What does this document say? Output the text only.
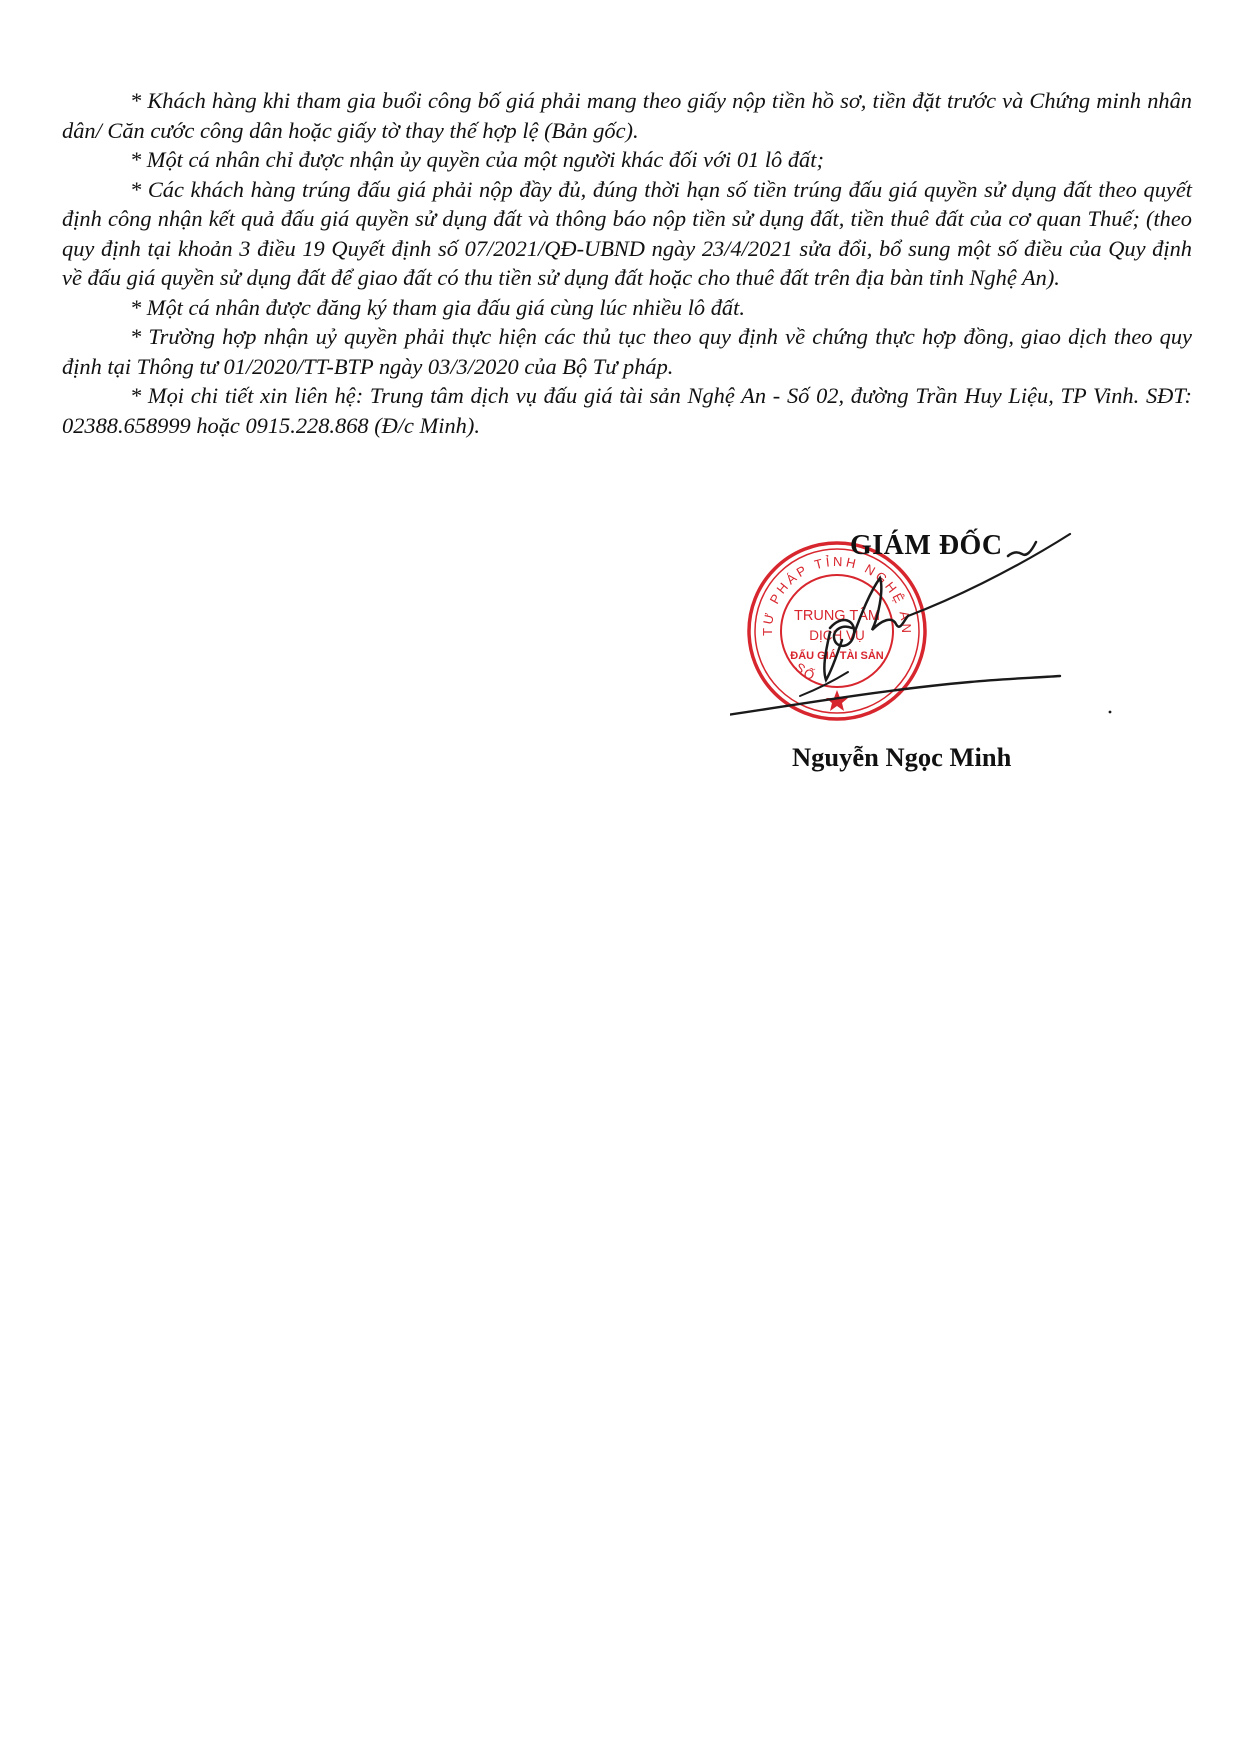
* Khách hàng khi tham gia buổi công bố giá phải mang theo giấy nộp tiền hồ sơ, tiền đặt trước và Chứng minh nhân dân/ Căn cước công dân hoặc giấy tờ thay thế hợp lệ (Bản gốc).

* Một cá nhân chỉ được nhận ủy quyền của một người khác đối với 01 lô đất;

* Các khách hàng trúng đấu giá phải nộp đầy đủ, đúng thời hạn số tiền trúng đấu giá quyền sử dụng đất theo quyết định công nhận kết quả đấu giá quyền sử dụng đất và thông báo nộp tiền sử dụng đất, tiền thuê đất của cơ quan Thuế; (theo quy định tại khoản 3 điều 19 Quyết định số 07/2021/QĐ-UBND ngày 23/4/2021 sửa đổi, bổ sung một số điều của Quy định về đấu giá quyền sử dụng đất để giao đất có thu tiền sử dụng đất hoặc cho thuê đất trên địa bàn tỉnh Nghệ An).

* Một cá nhân được đăng ký tham gia đấu giá cùng lúc nhiều lô đất.

* Trường hợp nhận uỷ quyền phải thực hiện các thủ tục theo quy định về chứng thực hợp đồng, giao dịch theo quy định tại Thông tư 01/2020/TT-BTP ngày 03/3/2020 của Bộ Tư pháp.

* Mọi chi tiết xin liên hệ: Trung tâm dịch vụ đấu giá tài sản Nghệ An - Số 02, đường Trần Huy Liệu, TP Vinh. SĐT: 02388.658999 hoặc 0915.228.868 (Đ/c Minh).

TƯ PHÁP TỈNH NGHỆ AN
SỐ
TRUNG TÂM
DỊCH VỤ
ĐẤU GIÁ TÀI SẢN
GIÁM ĐỐC
Nguyễn Ngọc Minh
